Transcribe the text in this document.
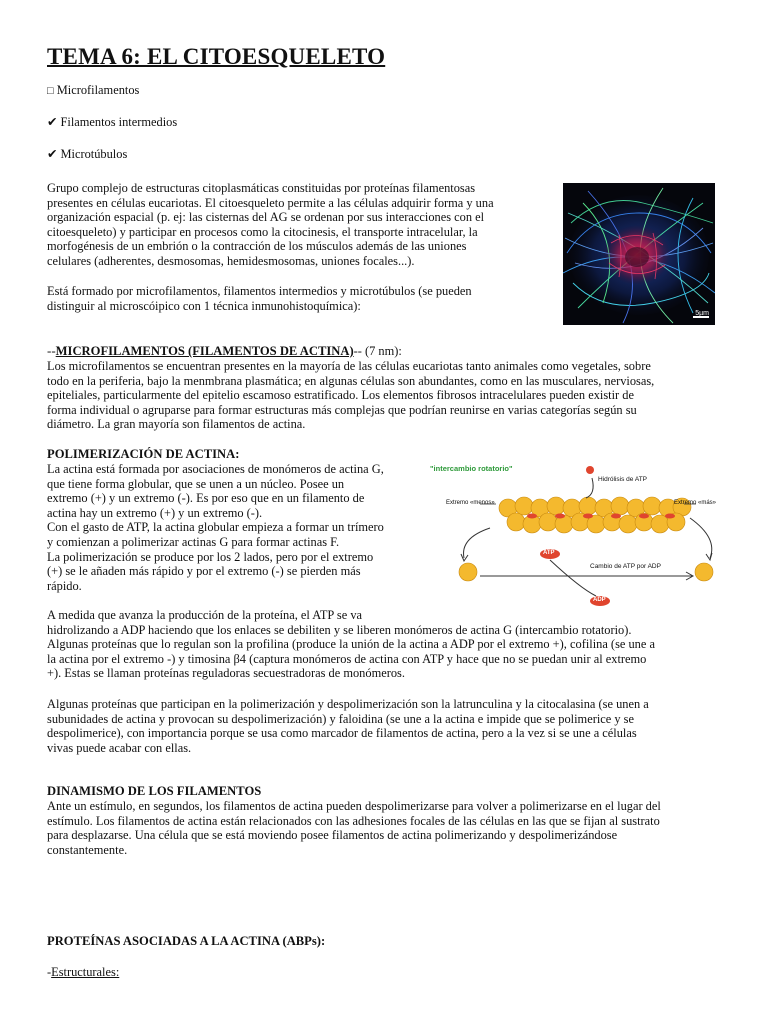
TEMA 6: EL CITOESQUELETO
□ Microfilamentos
✔ Filamentos intermedios
✔ Microtúbulos

Grupo complejo de estructuras citoplasmáticas constituidas por proteínas filamentosas

presentes en células eucariotas. El citoesqueleto permite a las células adquirir forma y una

organización espacial (p. ej: las cisternas del AG se ordenan por sus interacciones con el

citoesqueleto) y participar en procesos como la citocinesis, el transporte intracelular, la

morfogénesis de un embrión o la contracción de los músculos además de las uniones

celulares (adherentes, desmosomas, hemidesmosomas, uniones focales...).

Está formado por microfilamentos, filamentos intermedios y microtúbulos (se pueden

distinguir al microscóipico con 1 técnica inmunohistoquímica):

5µm
--MICROFILAMENTOS (FILAMENTOS DE ACTINA)-- (7 nm):

Los microfilamentos se encuentran presentes en la mayoría de las células eucariotas tanto animales como vegetales, sobre

todo en la periferia, bajo la menmbrana plasmática; en algunas células son abundantes, como en las musculares, nerviosas,

epiteliales, particularmente del epitelio escamoso estratificado. Los elementos fibrosos intracelulares pueden existir de

forma individual o agruparse para formar estructuras más complejas que podrían reunirse en varias categorías según su

diámetro. La gran mayoría son filamentos de actina.

POLIMERIZACIÓN DE ACTINA:

La actina está formada por asociaciones de monómeros de actina G,

que tiene forma globular, que se unen a un núcleo. Posee un

extremo (+) y un extremo (-). Es por eso que en un filamento de

actina hay un extremo (+) y un extremo (-).

Con el gasto de ATP, la actina globular empieza a formar un trímero

y comienzan a polimerizar actinas G para formar actinas F.

La polimerización se produce por los 2 lados, pero por el extremo

(+) se le añaden más rápido y por el extremo (-) se pierden más

rápido.

"intercambio rotatorio"
Hidrólisis de ATP
Extremo «menos»	Extremo «más»
Cambio de ATP por ADP
ATP
ADP

A medida que avanza la producción de la proteína, el ATP se va

hidrolizando a ADP haciendo que los enlaces se debiliten y se liberen monómeros de actina G (intercambio rotatorio).

Algunas proteínas que lo regulan son la profilina (produce la unión de la actina a ADP por el extremo +), cofilina (se une a

la actina por el extremo -) y timosina β4 (captura monómeros de actina con ATP y hace que no se puedan unir al extremo

+). Estas se llaman proteínas reguladoras secuestradoras de monómeros.

Algunas proteínas que participan en la polimerización y despolimerización son la latrunculina y la citocalasina (se unen a

subunidades de actina y provocan su despolimerización) y faloidina (se une a la actina e impide que se polimerice y se

despolimerice), con importancia porque se usa como marcador de filamentos de actina, pero a la vez si se une a células

vivas puede acabar con ellas.

DINAMISMO DE LOS FILAMENTOS

Ante un estímulo, en segundos, los filamentos de actina pueden despolimerizarse para volver a polimerizarse en el lugar del

estímulo. Los filamentos de actina están relacionados con las adhesiones focales de las células en las que se fijan al sustrato

para desplazarse. Una célula que se está moviendo posee filamentos de actina polimerizando y despolimerizándose

constantemente.

PROTEÍNAS ASOCIADAS A LA ACTINA (ABPs):
-Estructurales:
